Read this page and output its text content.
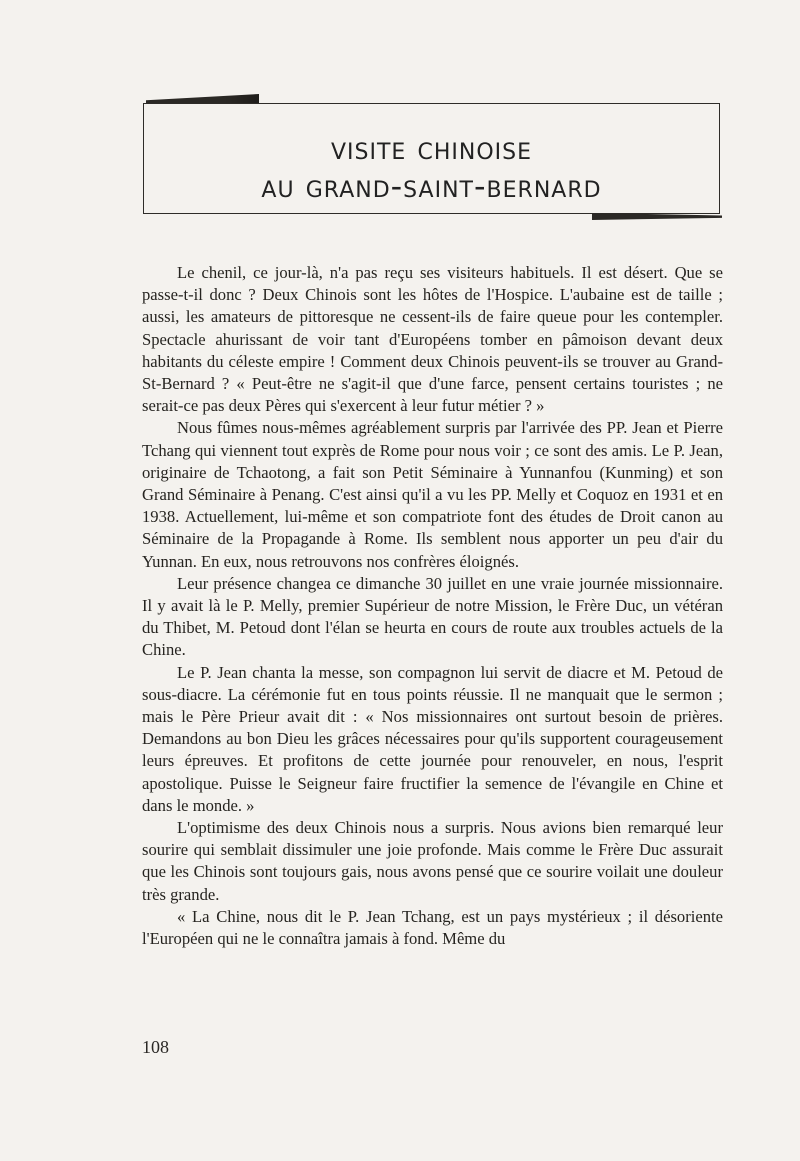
visite chinoise
au grand-saint-bernard

Le chenil, ce jour-là, n'a pas reçu ses visiteurs habituels. Il est désert. Que se passe-t-il donc ? Deux Chinois sont les hôtes de l'Hospice. L'aubaine est de taille ; aussi, les amateurs de pittoresque ne cessent-ils de faire queue pour les contempler. Spectacle ahurissant de voir tant d'Européens tomber en pâmoison devant deux habitants du céleste empire ! Comment deux Chinois peuvent-ils se trouver au Grand-St-Bernard ? « Peut-être ne s'agit-il que d'une farce, pensent certains touristes ; ne serait-ce pas deux Pères qui s'exercent à leur futur métier ? »

Nous fûmes nous-mêmes agréablement surpris par l'arrivée des PP. Jean et Pierre Tchang qui viennent tout exprès de Rome pour nous voir ; ce sont des amis. Le P. Jean, originaire de Tchaotong, a fait son Petit Séminaire à Yunnanfou (Kunming) et son Grand Séminaire à Penang. C'est ainsi qu'il a vu les PP. Melly et Coquoz en 1931 et en 1938. Actuellement, lui-même et son compatriote font des études de Droit canon au Séminaire de la Propagande à Rome. Ils semblent nous apporter un peu d'air du Yunnan. En eux, nous retrouvons nos confrères éloignés.

Leur présence changea ce dimanche 30 juillet en une vraie journée missionnaire. Il y avait là le P. Melly, premier Supérieur de notre Mission, le Frère Duc, un vétéran du Thibet, M. Petoud dont l'élan se heurta en cours de route aux troubles actuels de la Chine.

Le P. Jean chanta la messe, son compagnon lui servit de diacre et M. Petoud de sous-diacre. La cérémonie fut en tous points réussie. Il ne manquait que le sermon ; mais le Père Prieur avait dit : « Nos missionnaires ont surtout besoin de prières. Demandons au bon Dieu les grâces nécessaires pour qu'ils supportent courageusement leurs épreuves. Et profitons de cette journée pour renouveler, en nous, l'esprit apostolique. Puisse le Seigneur faire fructifier la semence de l'évangile en Chine et dans le monde. »

L'optimisme des deux Chinois nous a surpris. Nous avions bien remarqué leur sourire qui semblait dissimuler une joie profonde. Mais comme le Frère Duc assurait que les Chinois sont toujours gais, nous avons pensé que ce sourire voilait une douleur très grande.

« La Chine, nous dit le P. Jean Tchang, est un pays mystérieux ; il désoriente l'Européen qui ne le connaîtra jamais à fond. Même du

108
